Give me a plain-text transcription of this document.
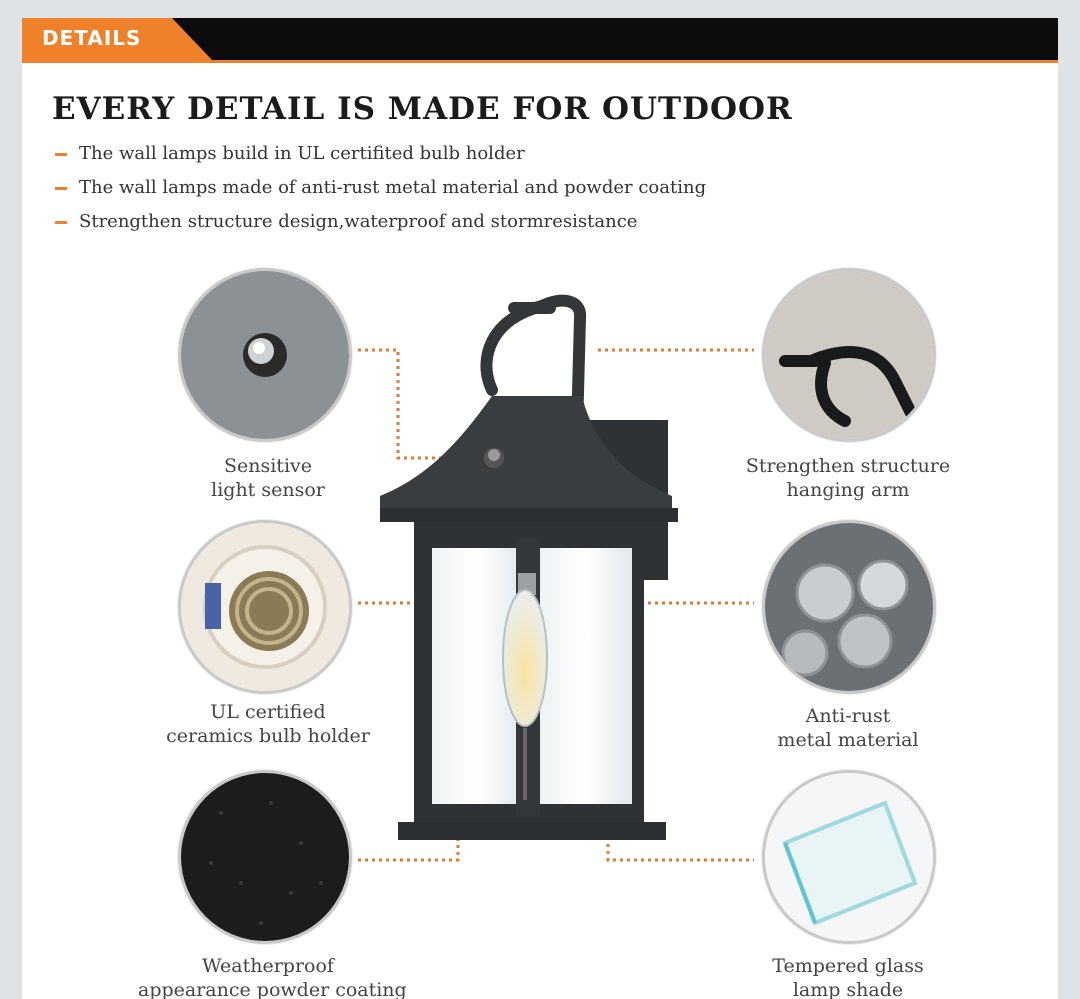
DETAILS
EVERY DETAIL IS MADE FOR OUTDOOR
The wall lamps build in UL certifited bulb holder
The wall lamps made of anti-rust metal material and powder coating
Strengthen structure design,waterproof and stormresistance
Sensitive
light sensor
UL certified
ceramics bulb holder
Weatherproof
appearance powder coating
Strengthen structure
hanging arm
Anti-rust
metal material
Tempered glass
lamp shade
